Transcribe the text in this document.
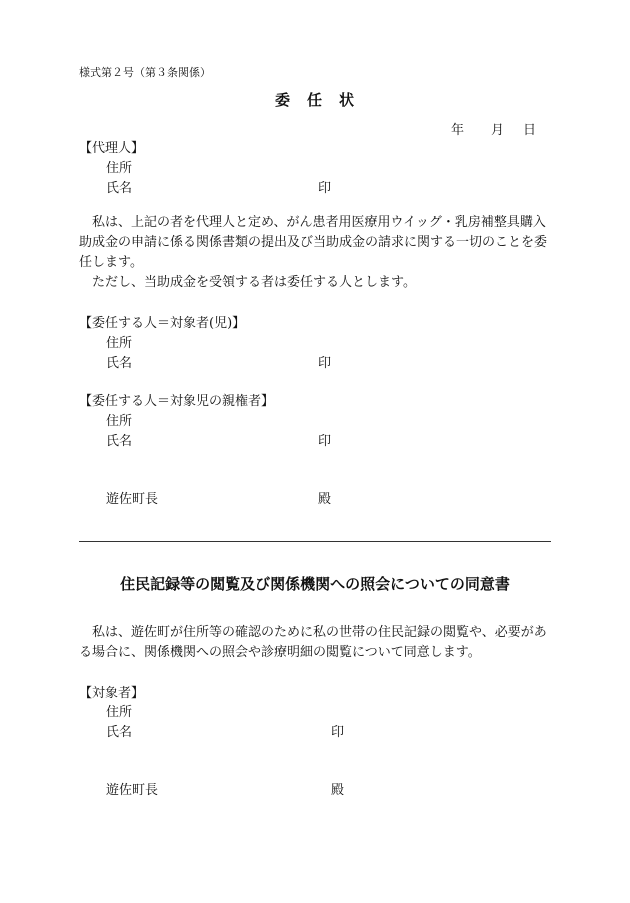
様式第２号（第３条関係）
委　任　状
年 月 日
【代理人】
住所
氏名	印
私は、上記の者を代理人と定め、がん患者用医療用ウイッグ・乳房補整具購入助成金の申請に係る関係書類の提出及び当助成金の請求に関する一切のことを委任します。
ただし、当助成金を受領する者は委任する人とします。
【委任する人＝対象者(児)】
住所
氏名	印
【委任する人＝対象児の親権者】
住所
氏名	印
遊佐町長	殿
住民記録等の閲覧及び関係機関への照会についての同意書
私は、遊佐町が住所等の確認のために私の世帯の住民記録の閲覧や、必要がある場合に、関係機関への照会や診療明細の閲覧について同意します。
【対象者】
住所
氏名	印
遊佐町長	殿
